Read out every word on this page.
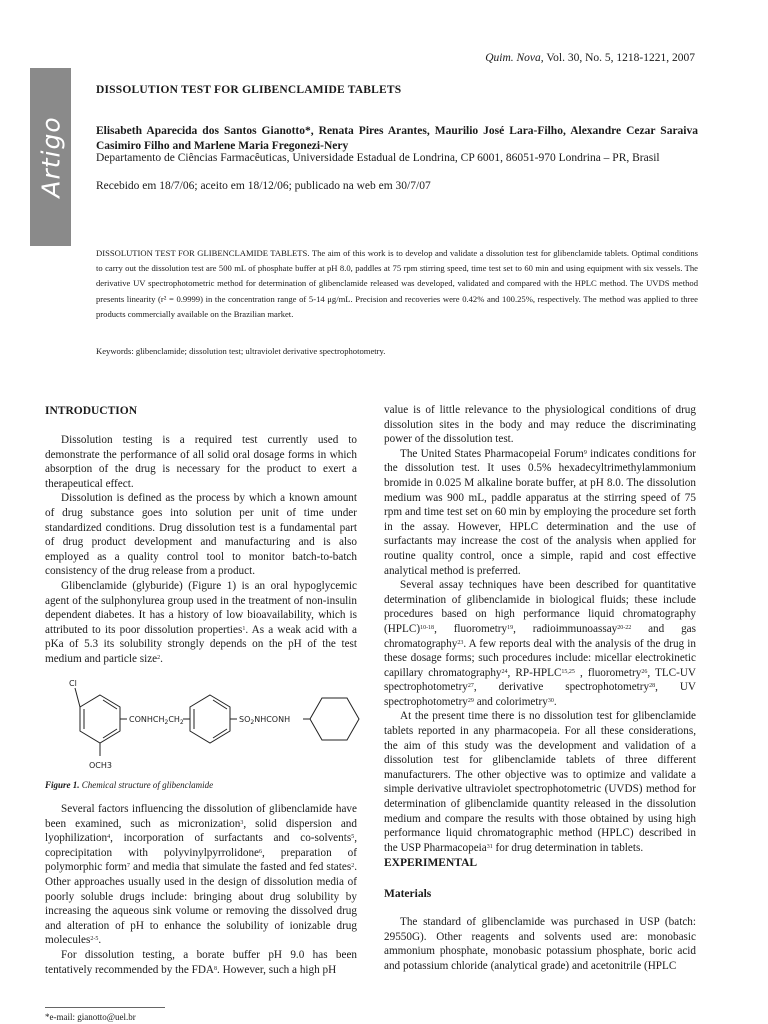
Quim. Nova, Vol. 30, No. 5, 1218-1221, 2007
Artigo
DISSOLUTION TEST FOR GLIBENCLAMIDE TABLETS
Elisabeth Aparecida dos Santos Gianotto*, Renata Pires Arantes, Maurilio José Lara-Filho, Alexandre Cezar Saraiva Casimiro Filho and Marlene Maria Fregonezi-Nery
Departamento de Ciências Farmacêuticas, Universidade Estadual de Londrina, CP 6001, 86051-970 Londrina – PR, Brasil
Recebido em 18/7/06; aceito em 18/12/06; publicado na web em 30/7/07
DISSOLUTION TEST FOR GLIBENCLAMIDE TABLETS. The aim of this work is to develop and validate a dissolution test for glibenclamide tablets. Optimal conditions to carry out the dissolution test are 500 mL of phosphate buffer at pH 8.0, paddles at 75 rpm stirring speed, time test set to 60 min and using equipment with six vessels. The derivative UV spectrophotometric method for determination of glibenclamide released was developed, validated and compared with the HPLC method. The UVDS method presents linearity (r² = 0.9999) in the concentration range of 5-14 μg/mL. Precision and recoveries were 0.42% and 100.25%, respectively. The method was applied to three products commercially available on the Brazilian market.
Keywords: glibenclamide; dissolution test; ultraviolet derivative spectrophotometry.
INTRODUCTION

Dissolution testing is a required test currently used to demonstrate the performance of all solid oral dosage forms in which absorption of the drug is necessary for the product to exert a therapeutical effect.

Dissolution is defined as the process by which a known amount of drug substance goes into solution per unit of time under standardized conditions. Drug dissolution test is a fundamental part of drug product development and manufacturing and is also employed as a quality control tool to monitor batch-to-batch consistency of the drug release from a product.

Glibenclamide (glyburide) (Figure 1) is an oral hypoglycemic agent of the sulphonylurea group used in the treatment of non-insulin dependent diabetes. It has a history of low bioavailability, which is attributed to its poor dissolution properties$^1$. As a weak acid with a pKa of 5.3 its solubility strongly depends on the pH of the test medium and particle size$^2$.

Cl
$CONHCH_2CH_2$	$SO_2NHCONH$
OCH3
Figure 1. Chemical structure of glibenclamide

Several factors influencing the dissolution of glibenclamide have been examined, such as micronization$^3$, solid dispersion and lyophilization$^4$, incorporation of surfactants and co-solvents$^5$, coprecipitation with polyvinylpyrrolidone$^6$, preparation of polymorphic form$^7$ and media that simulate the fasted and fed states$^2$. Other approaches usually used in the design of dissolution media of poorly soluble drugs include: bringing about drug solubility by increasing the aqueous sink volume or removing the dissolved drug and alteration of pH to enhance the solubility of ionizable drug molecules$^{2-5}$.

For dissolution testing, a borate buffer pH 9.0 has been tentatively recommended by the FDA$^8$. However, such a high pH

*e-mail: gianotto@uel.br

value is of little relevance to the physiological conditions of drug dissolution sites in the body and may reduce the discriminating power of the dissolution test.

The United States Pharmacopeial Forum$^9$ indicates conditions for the dissolution test. It uses 0.5% hexadecyltrimethylammonium bromide in 0.025 M alkaline borate buffer, at pH 8.0. The dissolution medium was 900 mL, paddle apparatus at the stirring speed of 75 rpm and time test set on 60 min by employing the procedure set forth in the assay. However, HPLC determination and the use of surfactants may increase the cost of the analysis when applied for routine quality control, once a simple, rapid and cost effective analytical method is preferred.

Several assay techniques have been described for quantitative determination of glibenclamide in biological fluids; these include procedures based on high performance liquid chromatography (HPLC)$^{10-18}$, fluorometry$^{19}$, radioimmunoassay$^{20-22}$ and gas chromatography$^{23}$. A few reports deal with the analysis of the drug in these dosage forms; such procedures include: micellar electrokinetic capillary chromatography$^{24}$, RP-HPLC$^{15,25}$ , fluorometry$^{26}$, TLC-UV spectrophotometry$^{27}$, derivative spectrophotometry$^{28}$, UV spectrophotometry$^{29}$ and colorimetry$^{30}$.

At the present time there is no dissolution test for glibenclamide tablets reported in any pharmacopeia. For all these considerations, the aim of this study was the development and validation of a dissolution test for glibenclamide tablets of three different manufacturers. The other objective was to optimize and validate a simple derivative ultraviolet spectrophotometric (UVDS) method for determination of glibenclamide quantity released in the dissolution medium and compare the results with those obtained by using high performance liquid chromatographic method (HPLC) described in the USP Pharmacopeia$^{31}$ for drug determination in tablets.

EXPERIMENTAL
Materials

The standard of glibenclamide was purchased in USP (batch: 29550G). Other reagents and solvents used are: monobasic ammonium phosphate, monobasic potassium phosphate, boric acid and potassium chloride (analytical grade) and acetonitrile (HPLC
